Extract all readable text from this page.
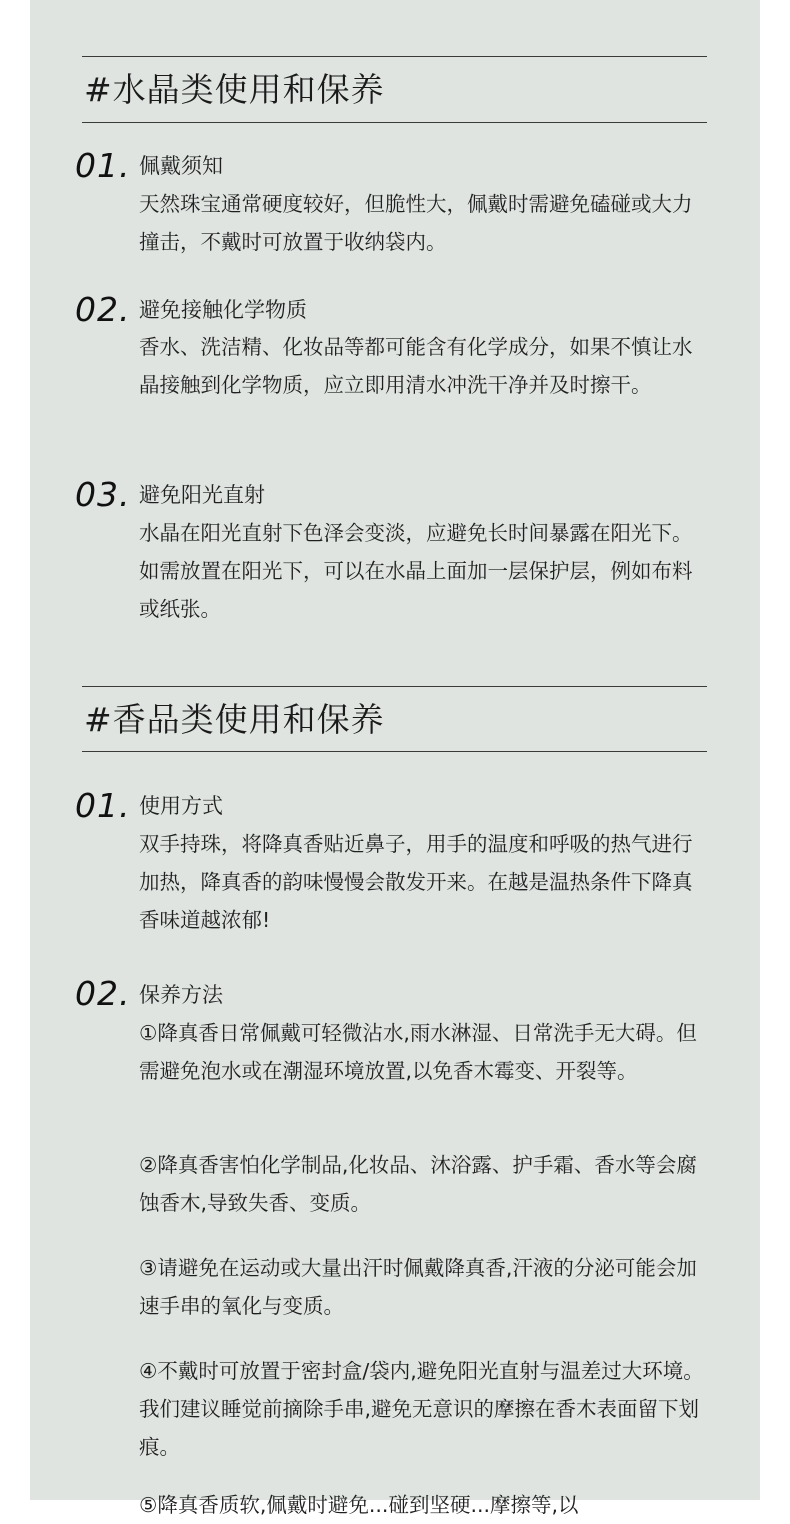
#水晶类使用和保养
01. 佩戴须知

天然珠宝通常硬度较好，但脆性大，佩戴时需避免磕碰或大力撞击，不戴时可放置于收纳袋内。

02. 避免接触化学物质

香水、洗洁精、化妆品等都可能含有化学成分，如果不慎让水晶接触到化学物质，应立即用清水冲洗干净并及时擦干。

03. 避免阳光直射

水晶在阳光直射下色泽会变淡，应避免长时间暴露在阳光下。如需放置在阳光下，可以在水晶上面加一层保护层，例如布料或纸张。

#香品类使用和保养
01. 使用方式

双手持珠，将降真香贴近鼻子，用手的温度和呼吸的热气进行加热，降真香的韵味慢慢会散发开来。在越是温热条件下降真香味道越浓郁!

02. 保养方法

①降真香日常佩戴可轻微沾水,雨水淋湿、日常洗手无大碍。但需避免泡水或在潮湿环境放置,以免香木霉变、开裂等。

②降真香害怕化学制品,化妆品、沐浴露、护手霜、香水等会腐蚀香木,导致失香、变质。

③请避免在运动或大量出汗时佩戴降真香,汗液的分泌可能会加速手串的氧化与变质。

④不戴时可放置于密封盒/袋内,避免阳光直射与温差过大环境。我们建议睡觉前摘除手串,避免无意识的摩擦在香木表面留下划痕。

⑤降真香质软,佩戴时避免...碰到坚硬...摩擦等,以
